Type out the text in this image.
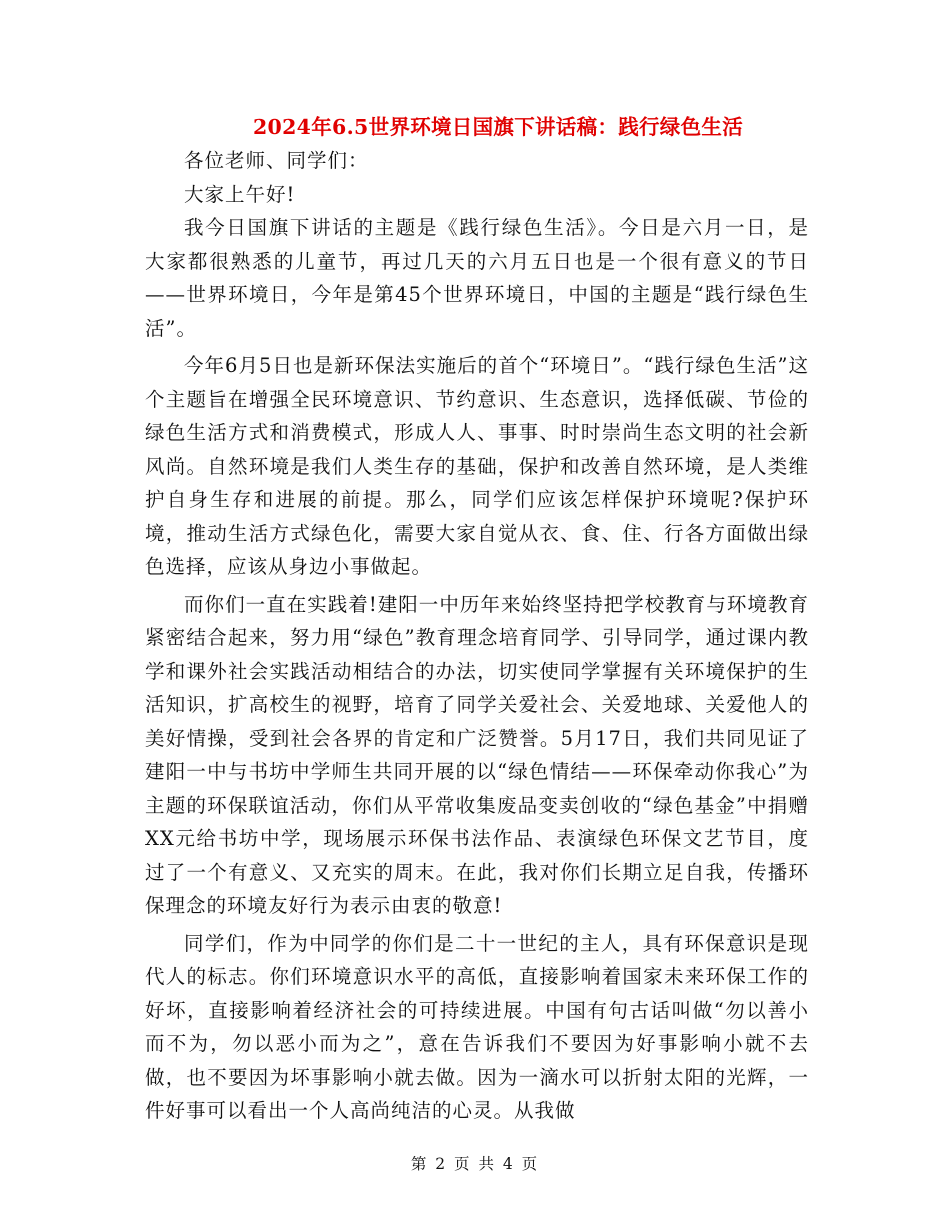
2024年6.5世界环境日国旗下讲话稿：践行绿色生活

各位老师、同学们：

大家上午好!

我今日国旗下讲话的主题是《践行绿色生活》。今日是六月一日，是大家都很熟悉的儿童节，再过几天的六月五日也是一个很有意义的节日——世界环境日，今年是第45个世界环境日，中国的主题是“践行绿色生活”。

今年6月5日也是新环保法实施后的首个“环境日”。“践行绿色生活”这个主题旨在增强全民环境意识、节约意识、生态意识，选择低碳、节俭的绿色生活方式和消费模式，形成人人、事事、时时崇尚生态文明的社会新风尚。自然环境是我们人类生存的基础，保护和改善自然环境，是人类维护自身生存和进展的前提。那么，同学们应该怎样保护环境呢?保护环境，推动生活方式绿色化，需要大家自觉从衣、食、住、行各方面做出绿色选择，应该从身边小事做起。

而你们一直在实践着!建阳一中历年来始终坚持把学校教育与环境教育紧密结合起来，努力用“绿色”教育理念培育同学、引导同学，通过课内教学和课外社会实践活动相结合的办法，切实使同学掌握有关环境保护的生活知识，扩高校生的视野，培育了同学关爱社会、关爱地球、关爱他人的美好情操，受到社会各界的肯定和广泛赞誉。5月17日，我们共同见证了建阳一中与书坊中学师生共同开展的以“绿色情结——环保牵动你我心”为主题的环保联谊活动，你们从平常收集废品变卖创收的“绿色基金”中捐赠XX元给书坊中学，现场展示环保书法作品、表演绿色环保文艺节目，度过了一个有意义、又充实的周末。在此，我对你们长期立足自我，传播环保理念的环境友好行为表示由衷的敬意!

同学们，作为中同学的你们是二十一世纪的主人，具有环保意识是现代人的标志。你们环境意识水平的高低，直接影响着国家未来环保工作的好坏，直接影响着经济社会的可持续进展。中国有句古话叫做“勿以善小而不为，勿以恶小而为之”，意在告诉我们不要因为好事影响小就不去做，也不要因为坏事影响小就去做。因为一滴水可以折射太阳的光辉，一件好事可以看出一个人高尚纯洁的心灵。从我做

第 2 页 共 4 页
